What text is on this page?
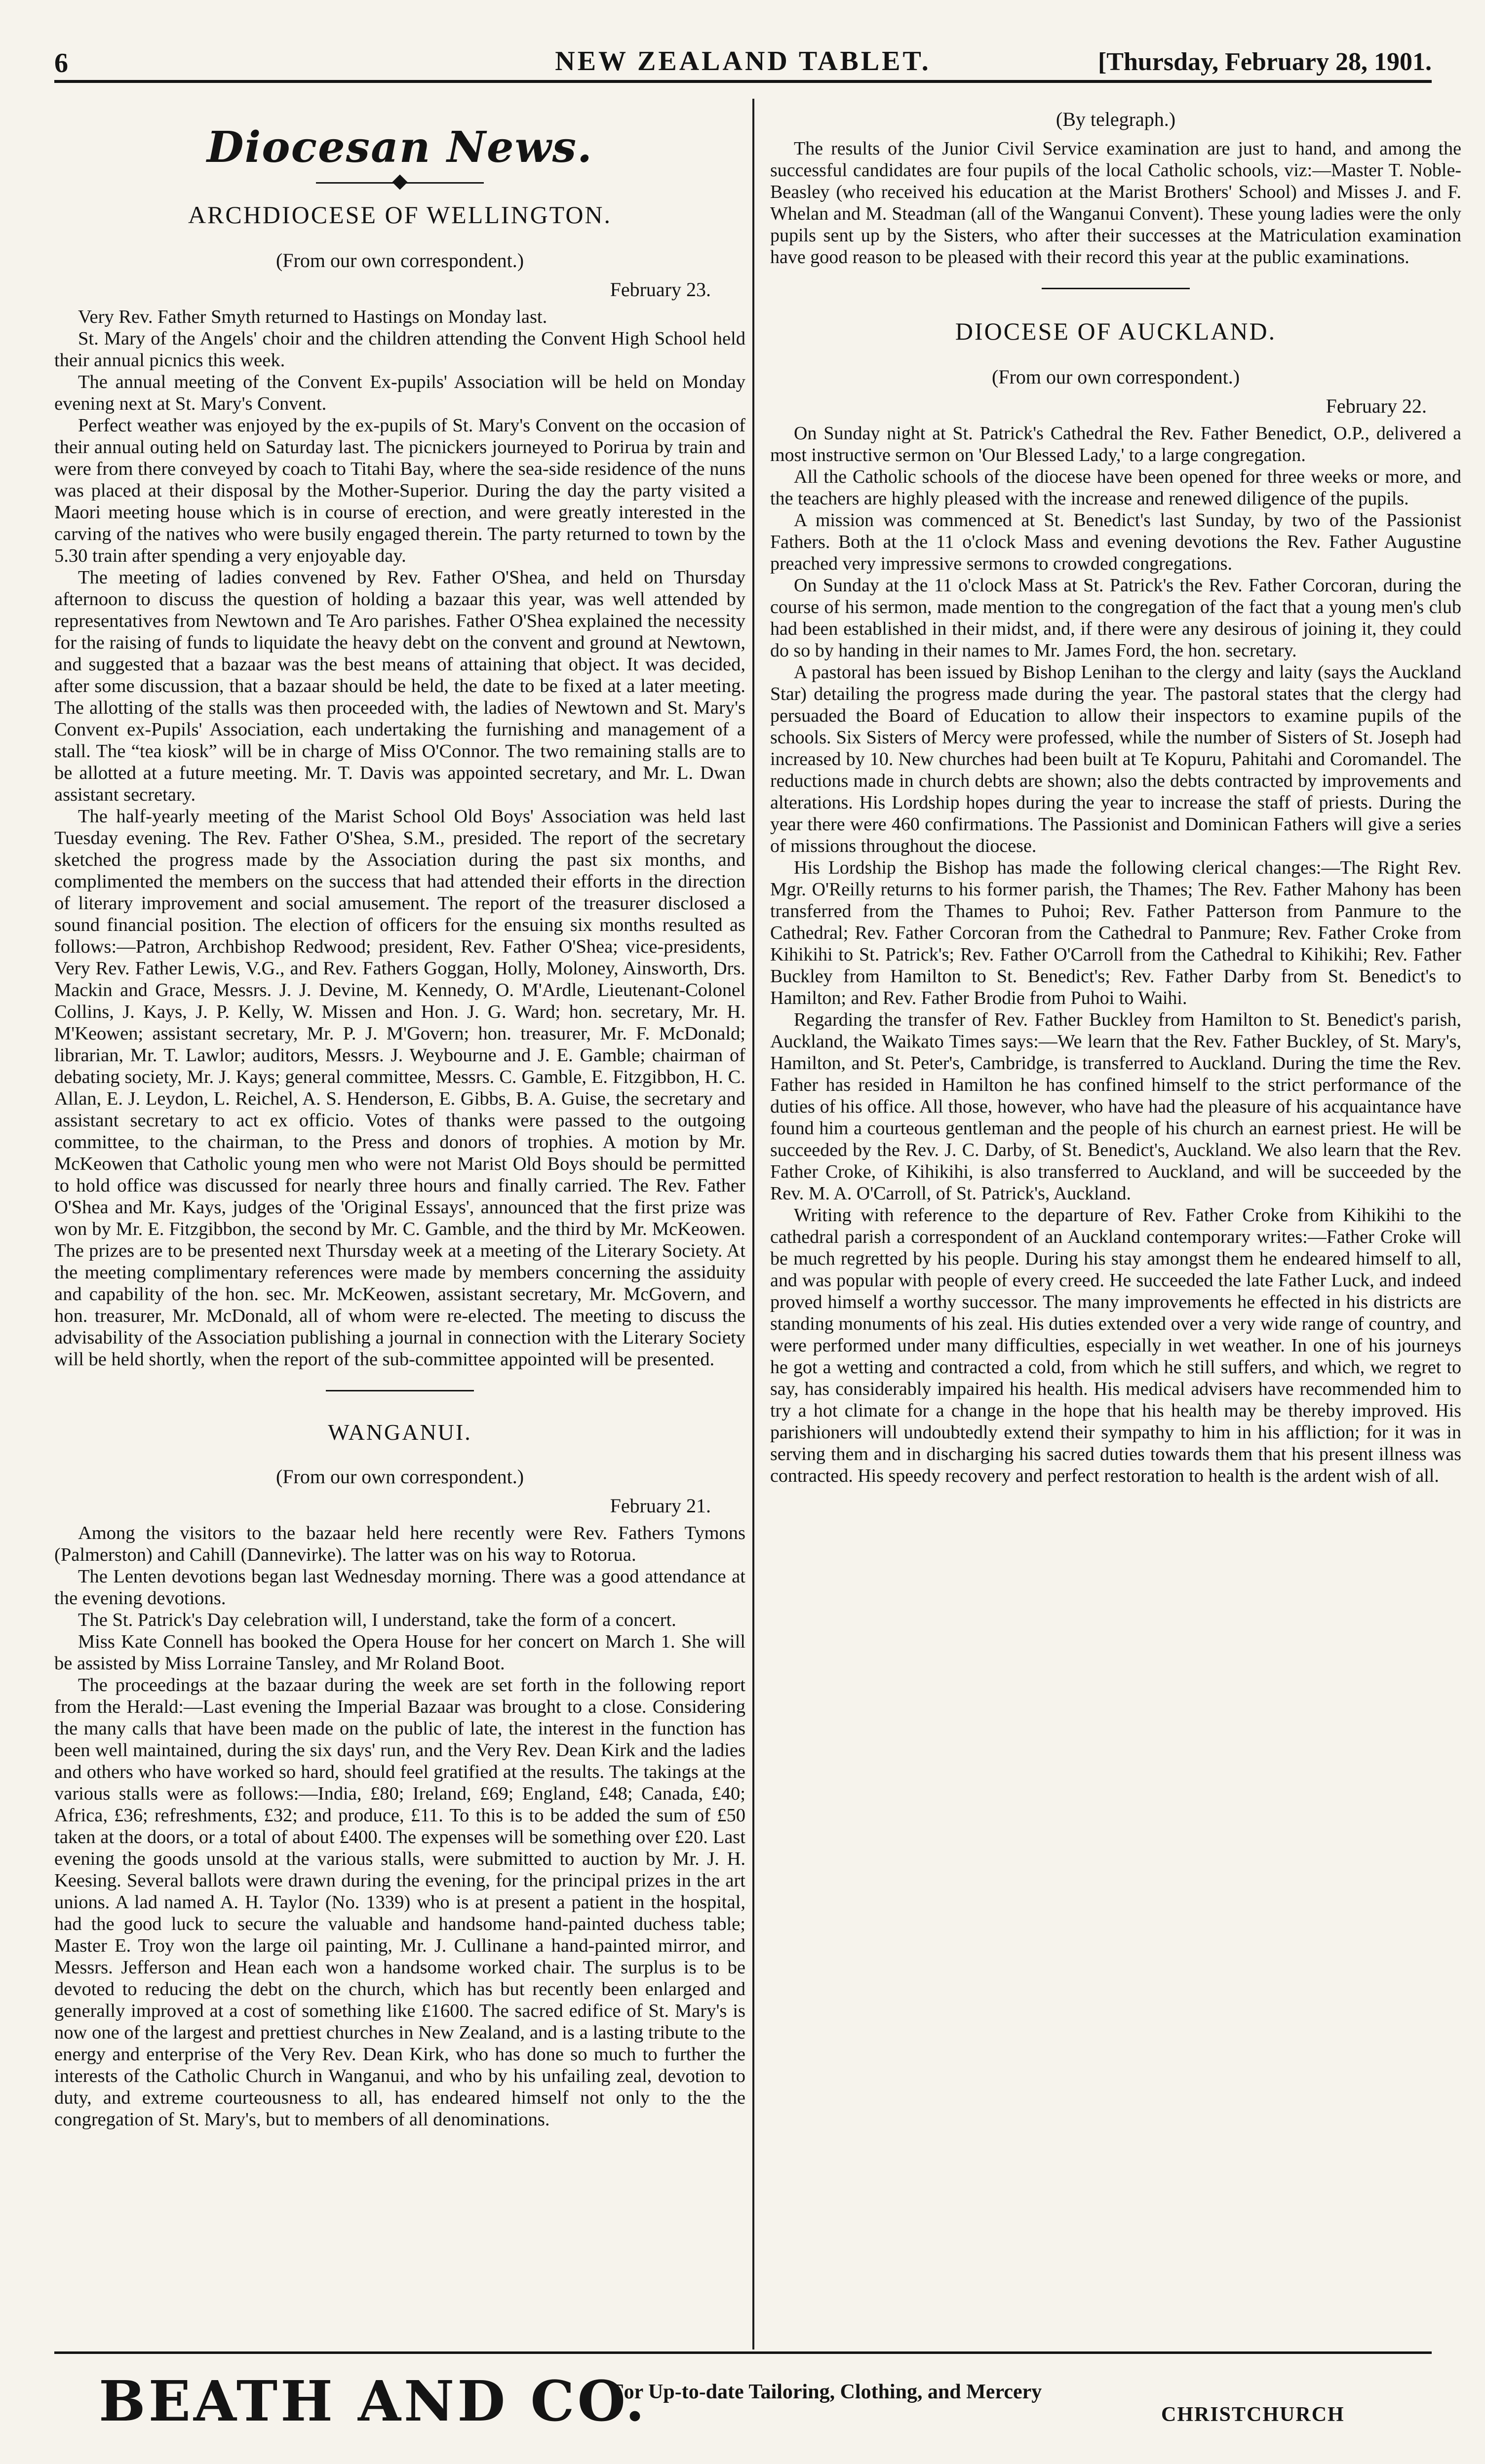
6	NEW ZEALAND TABLET.	[Thursday, February 28, 1901.
Diocesan News.
ARCHDIOCESE OF WELLINGTON.
(From our own correspondent.)
February 23.

Very Rev. Father Smyth returned to Hastings on Monday last.

St. Mary of the Angels' choir and the children attending the Convent High School held their annual picnics this week.

The annual meeting of the Convent Ex-pupils' Association will be held on Monday evening next at St. Mary's Convent.

Perfect weather was enjoyed by the ex-pupils of St. Mary's Convent on the occasion of their annual outing held on Saturday last. The picnickers journeyed to Porirua by train and were from there conveyed by coach to Titahi Bay, where the sea-side residence of the nuns was placed at their disposal by the Mother-Superior. During the day the party visited a Maori meeting house which is in course of erection, and were greatly interested in the carving of the natives who were busily engaged therein. The party returned to town by the 5.30 train after spending a very enjoyable day.

The meeting of ladies convened by Rev. Father O'Shea, and held on Thursday afternoon to discuss the question of holding a bazaar this year, was well attended by representatives from Newtown and Te Aro parishes. Father O'Shea explained the necessity for the raising of funds to liquidate the heavy debt on the convent and ground at Newtown, and suggested that a bazaar was the best means of attaining that object. It was decided, after some discussion, that a bazaar should be held, the date to be fixed at a later meeting. The allotting of the stalls was then proceeded with, the ladies of Newtown and St. Mary's Convent ex-Pupils' Association, each undertaking the furnishing and management of a stall. The “tea kiosk” will be in charge of Miss O'Connor. The two remaining stalls are to be allotted at a future meeting. Mr. T. Davis was appointed secretary, and Mr. L. Dwan assistant secretary.

The half-yearly meeting of the Marist School Old Boys' Association was held last Tuesday evening. The Rev. Father O'Shea, S.M., presided. The report of the secretary sketched the progress made by the Association during the past six months, and complimented the members on the success that had attended their efforts in the direction of literary improvement and social amusement. The report of the treasurer disclosed a sound financial position. The election of officers for the ensuing six months resulted as follows:—Patron, Archbishop Redwood; president, Rev. Father O'Shea; vice-presidents, Very Rev. Father Lewis, V.G., and Rev. Fathers Goggan, Holly, Moloney, Ainsworth, Drs. Mackin and Grace, Messrs. J. J. Devine, M. Kennedy, O. M'Ardle, Lieutenant-Colonel Collins, J. Kays, J. P. Kelly, W. Missen and Hon. J. G. Ward; hon. secretary, Mr. H. M'Keowen; assistant secretary, Mr. P. J. M'Govern; hon. treasurer, Mr. F. McDonald; librarian, Mr. T. Lawlor; auditors, Messrs. J. Weybourne and J. E. Gamble; chairman of debating society, Mr. J. Kays; general committee, Messrs. C. Gamble, E. Fitzgibbon, H. C. Allan, E. J. Leydon, L. Reichel, A. S. Henderson, E. Gibbs, B. A. Guise, the secretary and assistant secretary to act ex officio. Votes of thanks were passed to the outgoing committee, to the chairman, to the Press and donors of trophies. A motion by Mr. McKeowen that Catholic young men who were not Marist Old Boys should be permitted to hold office was discussed for nearly three hours and finally carried. The Rev. Father O'Shea and Mr. Kays, judges of the 'Original Essays', announced that the first prize was won by Mr. E. Fitzgibbon, the second by Mr. C. Gamble, and the third by Mr. McKeowen. The prizes are to be presented next Thursday week at a meeting of the Literary Society. At the meeting complimentary references were made by members concerning the assiduity and capability of the hon. sec. Mr. McKeowen, assistant secretary, Mr. McGovern, and hon. treasurer, Mr. McDonald, all of whom were re-elected. The meeting to discuss the advisability of the Association publishing a journal in connection with the Literary Society will be held shortly, when the report of the sub-committee appointed will be presented.

WANGANUI.
(From our own correspondent.)
February 21.

Among the visitors to the bazaar held here recently were Rev. Fathers Tymons (Palmerston) and Cahill (Dannevirke). The latter was on his way to Rotorua.

The Lenten devotions began last Wednesday morning. There was a good attendance at the evening devotions.

The St. Patrick's Day celebration will, I understand, take the form of a concert.

Miss Kate Connell has booked the Opera House for her concert on March 1. She will be assisted by Miss Lorraine Tansley, and Mr Roland Boot.

The proceedings at the bazaar during the week are set forth in the following report from the Herald:—Last evening the Imperial Bazaar was brought to a close. Considering the many calls that have been made on the public of late, the interest in the function has been well maintained, during the six days' run, and the Very Rev. Dean Kirk and the ladies and others who have worked so hard, should feel gratified at the results. The takings at the various stalls were as follows:—India, £80; Ireland, £69; England, £48; Canada, £40; Africa, £36; refreshments, £32; and produce, £11. To this is to be added the sum of £50 taken at the doors, or a total of about £400. The expenses will be something over £20. Last evening the goods unsold at the various stalls, were submitted to auction by Mr. J. H. Keesing. Several ballots were drawn during the evening, for the principal prizes in the art unions. A lad named A. H. Taylor (No. 1339) who is at present a patient in the hospital, had the good luck to secure the valuable and handsome hand-painted duchess table; Master E. Troy won the large oil painting, Mr. J. Cullinane a hand-painted mirror, and Messrs. Jefferson and Hean each won a handsome worked chair. The surplus is to be devoted to reducing the debt on the church, which has but recently been enlarged and generally improved at a cost of something like £1600. The sacred edifice of St. Mary's is now one of the largest and prettiest churches in New Zealand, and is a lasting tribute to the energy and enterprise of the Very Rev. Dean Kirk, who has done so much to further the interests of the Catholic Church in Wanganui, and who by his unfailing zeal, devotion to duty, and extreme courteousness to all, has endeared himself not only to the the congregation of St. Mary's, but to members of all denominations.

(By telegraph.)

The results of the Junior Civil Service examination are just to hand, and among the successful candidates are four pupils of the local Catholic schools, viz:—Master T. Noble-Beasley (who received his education at the Marist Brothers' School) and Misses J. and F. Whelan and M. Steadman (all of the Wanganui Convent). These young ladies were the only pupils sent up by the Sisters, who after their successes at the Matriculation examination have good reason to be pleased with their record this year at the public examinations.

DIOCESE OF AUCKLAND.
(From our own correspondent.)
February 22.

On Sunday night at St. Patrick's Cathedral the Rev. Father Benedict, O.P., delivered a most instructive sermon on 'Our Blessed Lady,' to a large congregation.

All the Catholic schools of the diocese have been opened for three weeks or more, and the teachers are highly pleased with the increase and renewed diligence of the pupils.

A mission was commenced at St. Benedict's last Sunday, by two of the Passionist Fathers. Both at the 11 o'clock Mass and evening devotions the Rev. Father Augustine preached very impressive sermons to crowded congregations.

On Sunday at the 11 o'clock Mass at St. Patrick's the Rev. Father Corcoran, during the course of his sermon, made mention to the congregation of the fact that a young men's club had been established in their midst, and, if there were any desirous of joining it, they could do so by handing in their names to Mr. James Ford, the hon. secretary.

A pastoral has been issued by Bishop Lenihan to the clergy and laity (says the Auckland Star) detailing the progress made during the year. The pastoral states that the clergy had persuaded the Board of Education to allow their inspectors to examine pupils of the schools. Six Sisters of Mercy were professed, while the number of Sisters of St. Joseph had increased by 10. New churches had been built at Te Kopuru, Pahitahi and Coromandel. The reductions made in church debts are shown; also the debts contracted by improvements and alterations. His Lordship hopes during the year to increase the staff of priests. During the year there were 460 confirmations. The Passionist and Dominican Fathers will give a series of missions throughout the diocese.

His Lordship the Bishop has made the following clerical changes:—The Right Rev. Mgr. O'Reilly returns to his former parish, the Thames; The Rev. Father Mahony has been transferred from the Thames to Puhoi; Rev. Father Patterson from Panmure to the Cathedral; Rev. Father Corcoran from the Cathedral to Panmure; Rev. Father Croke from Kihikihi to St. Patrick's; Rev. Father O'Carroll from the Cathedral to Kihikihi; Rev. Father Buckley from Hamilton to St. Benedict's; Rev. Father Darby from St. Benedict's to Hamilton; and Rev. Father Brodie from Puhoi to Waihi.

Regarding the transfer of Rev. Father Buckley from Hamilton to St. Benedict's parish, Auckland, the Waikato Times says:—We learn that the Rev. Father Buckley, of St. Mary's, Hamilton, and St. Peter's, Cambridge, is transferred to Auckland. During the time the Rev. Father has resided in Hamilton he has confined himself to the strict performance of the duties of his office. All those, however, who have had the pleasure of his acquaintance have found him a courteous gentleman and the people of his church an earnest priest. He will be succeeded by the Rev. J. C. Darby, of St. Benedict's, Auckland. We also learn that the Rev. Father Croke, of Kihikihi, is also transferred to Auckland, and will be succeeded by the Rev. M. A. O'Carroll, of St. Patrick's, Auckland.

Writing with reference to the departure of Rev. Father Croke from Kihikihi to the cathedral parish a correspondent of an Auckland contemporary writes:—Father Croke will be much regretted by his people. During his stay amongst them he endeared himself to all, and was popular with people of every creed. He succeeded the late Father Luck, and indeed proved himself a worthy successor. The many improvements he effected in his districts are standing monuments of his zeal. His duties extended over a very wide range of country, and were performed under many difficulties, especially in wet weather. In one of his journeys he got a wetting and contracted a cold, from which he still suffers, and which, we regret to say, has considerably impaired his health. His medical advisers have recommended him to try a hot climate for a change in the hope that his health may be thereby improved. His parishioners will undoubtedly extend their sympathy to him in his affliction; for it was in serving them and in discharging his sacred duties towards them that his present illness was contracted. His speedy recovery and perfect restoration to health is the ardent wish of all.

BEATH AND CO.
For Up-to-date Tailoring, Clothing, and Mercery
CHRISTCHURCH
